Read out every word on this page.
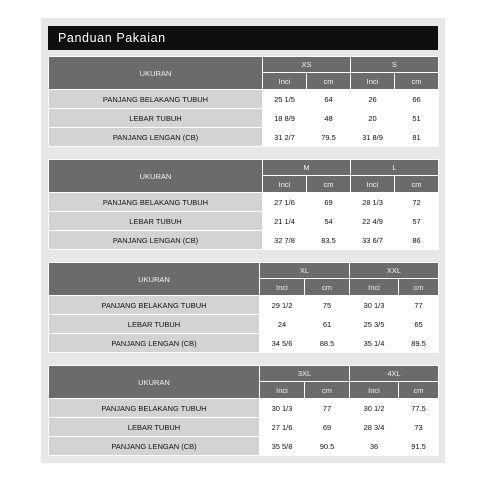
Panduan Pakaian
UKURAN	XS		S	
	Inci	cm	Inci	cm
PANJANG BELAKANG TUBUH	25 1/5	64	26	66
LEBAR TUBUH	18 8/9	48	20	51
PANJANG LENGAN (CB)	31 2/7	79.5	31 8/9	81
UKURAN	M		L	
	Inci	cm	Inci	cm
PANJANG BELAKANG TUBUH	27 1/6	69	28 1/3	72
LEBAR TUBUH	21 1/4	54	22 4/9	57
PANJANG LENGAN (CB)	32 7/8	83.5	33 6/7	86
UKURAN	XL		XXL	
	Inci	cm	Inci	cm
PANJANG BELAKANG TUBUH	29 1/2	75	30 1/3	77
LEBAR TUBUH	24	61	25 3/5	65
PANJANG LENGAN (CB)	34 5/6	88.5	35 1/4	89.5
UKURAN	3XL		4XL	
	Inci	cm	Inci	cm
PANJANG BELAKANG TUBUH	30 1/3	77	30 1/2	77.5
LEBAR TUBUH	27 1/6	69	28 3/4	73
PANJANG LENGAN (CB)	35 5/8	90.5	36	91.5
